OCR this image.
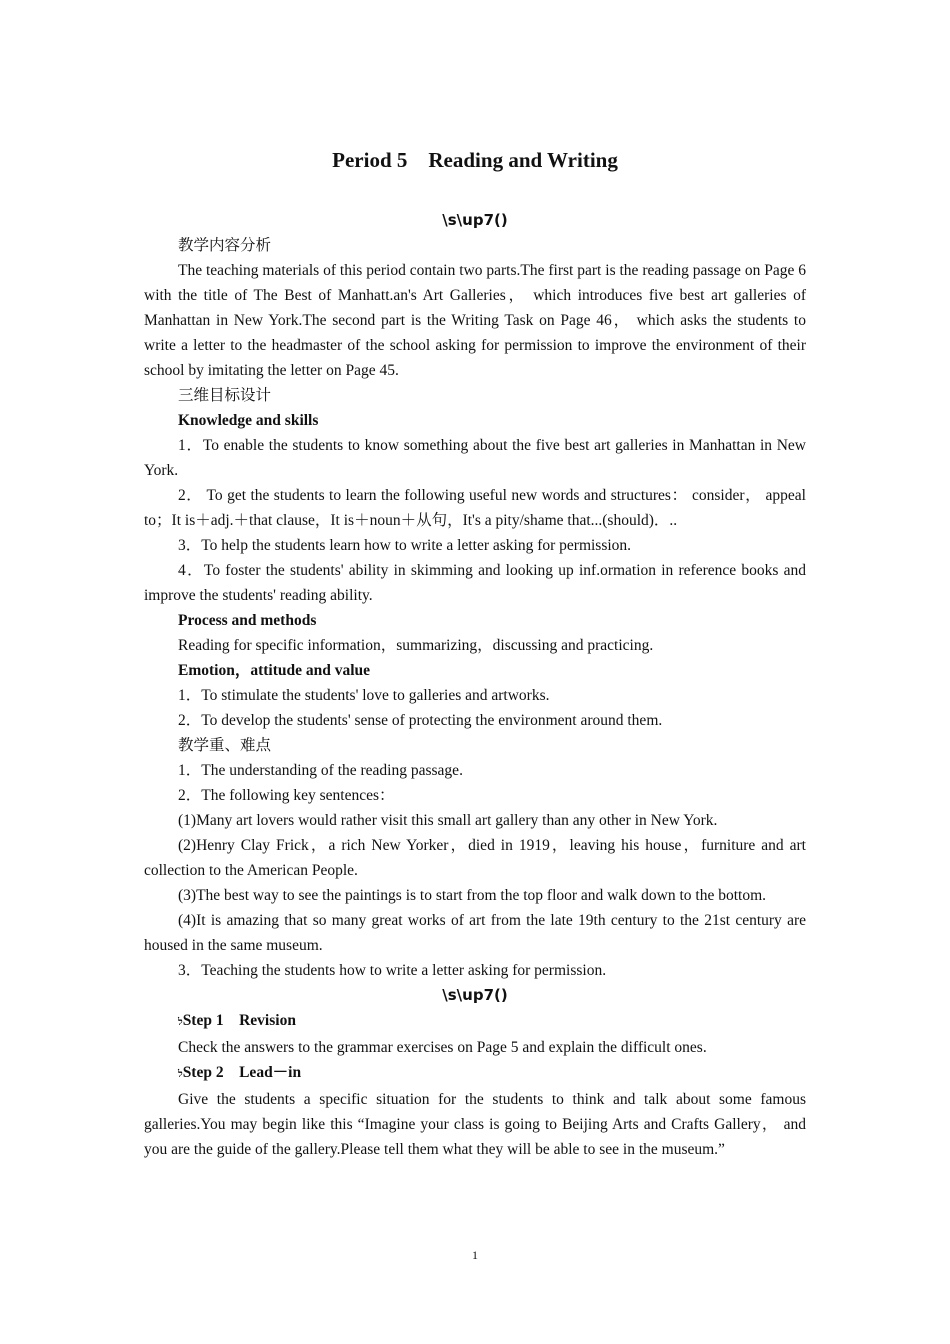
Period 5　Reading and Writing

\s\up7()

教学内容分析

The teaching materials of this period contain two parts.The first part is the reading passage on Page 6 with the title of The Best of Manhatt.an's Art Galleries， which introduces five best art galleries of Manhattan in New York.The second part is the Writing Task on Page 46， which asks the students to write a letter to the headmaster of the school asking for permission to improve the environment of their school by imitating the letter on Page 45.

三维目标设计

Knowledge and skills

1．To enable the students to know something about the five best art galleries in Manhattan in New York.

2． To get the students to learn the following useful new words and structures： consider， appeal to；It is＋adj.＋that clause，It is＋noun＋从句，It's a pity/shame that...(should)．..

3．To help the students learn how to write a letter asking for permission.

4．To foster the students' ability in skimming and looking up inf.ormation in reference books and improve the students' reading ability.

Process and methods

Reading for specific information，summarizing，discussing and practicing.

Emotion，attitude and value

1．To stimulate the students' love to galleries and artworks.

2．To develop the students' sense of protecting the environment around them.

教学重、难点

1．The understanding of the reading passage.

2．The following key sentences：

(1)Many art lovers would rather visit this small art gallery than any other in New York.

(2)Henry Clay Frick，a rich New Yorker，died in 1919，leaving his house，furniture and art collection to the American People.

(3)The best way to see the paintings is to start from the top floor and walk down to the bottom.

(4)It is amazing that so many great works of art from the late 19th century to the 21st century are housed in the same museum.

3．Teaching the students how to write a letter asking for permission.

\s\up7()

לStep 1　Revision

Check the answers to the grammar exercises on Page 5 and explain the difficult ones.

לStep 2　Lead－in

Give the students a specific situation for the students to think and talk about some famous galleries.You may begin like this “Imagine your class is going to Beijing Arts and Crafts Gallery， and you are the guide of the gallery.Please tell them what they will be able to see in the museum.”

1
